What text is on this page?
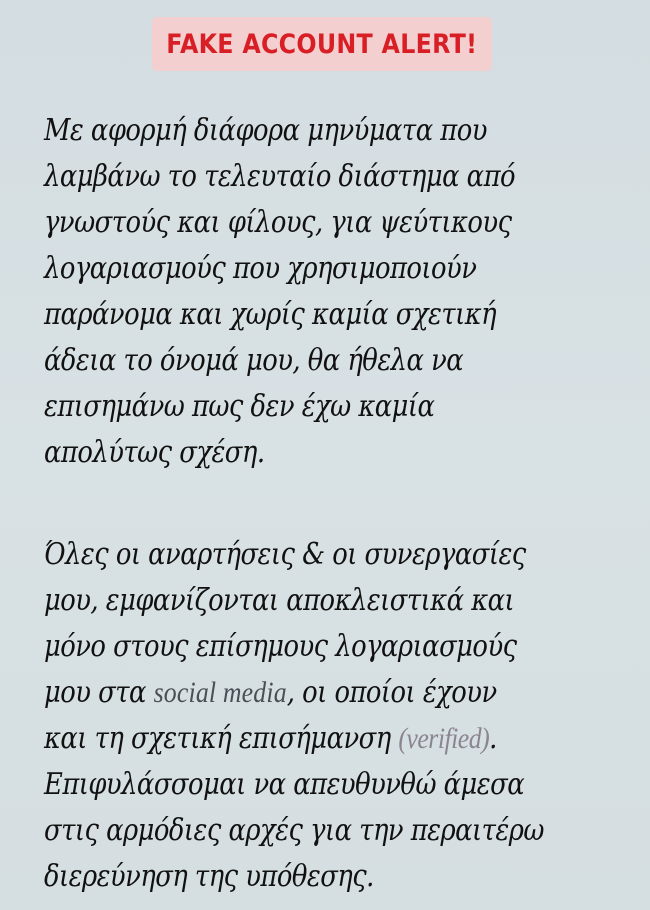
FAKE ACCOUNT ALERT!
Με αφορμή διάφορα μηνύματα που
λαμβάνω το τελευταίο διάστημα από
γνωστούς και φίλους, για ψεύτικους
λογαριασμούς που χρησιμοποιούν
παράνομα και χωρίς καμία σχετική
άδεια το όνομά μου, θα ήθελα να
επισημάνω πως δεν έχω καμία
απολύτως σχέση.
Όλες οι αναρτήσεις & οι συνεργασίες
μου, εμφανίζονται αποκλειστικά και
μόνο στους επίσημους λογαριασμούς
μου στα social media, οι οποίοι έχουν
και τη σχετική επισήμανση (verified).
Επιφυλάσσομαι να απευθυνθώ άμεσα
στις αρμόδιες αρχές για την περαιτέρω
διερεύνηση της υπόθεσης.
